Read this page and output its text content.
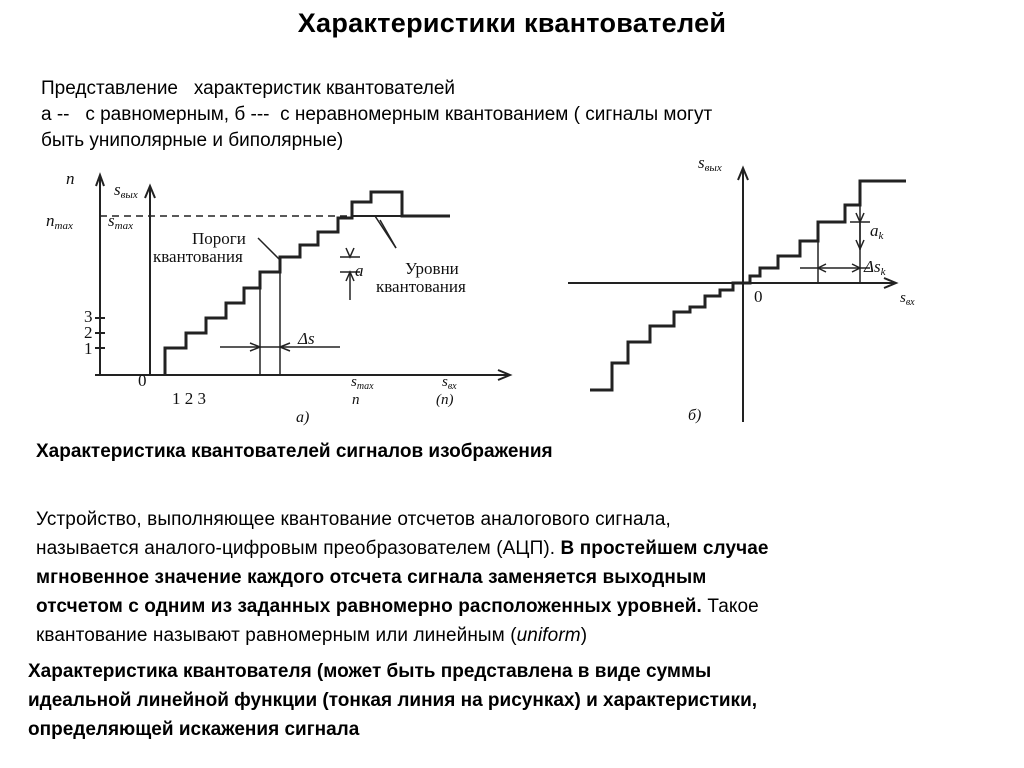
Характеристики квантователей
Представление   характеристик квантователей
а --   с равномерным, б ---  с неравномерным квантованием ( сигналы могут
быть униполярные и биполярные)
n
sвых
nmax smax
a
Δs
$s_{max}$
n
$s_{вх}$
(n)
а)
Пороги
квантования
Уровни
квантования
3
2
1
0
1 2 3
sвых
ak
Δsk
$s_{вх}$
б)
0
Характеристика квантователей сигналов изображения
Устройство, выполняющее квантование отсчетов аналогового сигнала,
называется аналого-цифровым преобразователем (АЦП). В простейшем случае
мгновенное значение каждого отсчета сигнала заменяется выходным
отсчетом с одним из заданных равномерно расположенных уровней. Такое
квантование называют равномерным или линейным (uniform)
Характеристика квантователя (может быть представлена в виде суммы
идеальной линейной функции (тонкая линия на рисунках) и характеристики,
определяющей искажения сигнала
